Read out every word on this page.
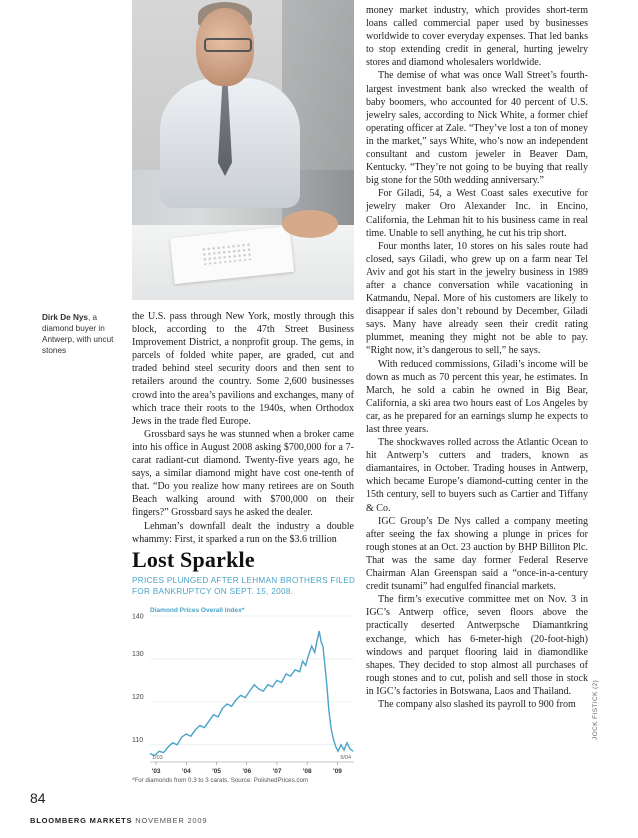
Dirk De Nys, a diamond buyer in Antwerp, with uncut stones

the U.S. pass through New York, mostly through this block, according to the 47th Street Business Improvement District, a nonprofit group. The gems, in parcels of folded white paper, are graded, cut and traded behind steel security doors and then sent to retailers around the country. Some 2,600 businesses crowd into the area’s pavilions and exchanges, many of which trace their roots to the 1940s, when Orthodox Jews in the trade fled Europe.

Grossbard says he was stunned when a broker came into his office in August 2008 asking $700,000 for a 7-carat radiant-cut diamond. Twenty-five years ago, he says, a similar diamond might have cost one-tenth of that. “Do you realize how many retirees are on South Beach walking around with $700,000 on their fingers?” Grossbard says he asked the dealer.

Lehman’s downfall dealt the industry a double whammy: First, it sparked a run on the $3.6 trillion

Lost Sparkle
PRICES PLUNGED AFTER LEHMAN BROTHERS FILED FOR BANKRUPTCY ON SEPT. 15, 2008.
Diamond Prices Overall Index*
110
120
130
140
’03	’04	’05	’06	’07	’08	’09
1/03	9/04
*For diamonds from 0.3 to 3 carats. Source: PolishedPrices.com

money market industry, which provides short-term loans called commercial paper used by businesses worldwide to cover everyday expenses. That led banks to stop extending credit in general, hurting jewelry stores and diamond wholesalers worldwide.

The demise of what was once Wall Street’s fourth-largest investment bank also wrecked the wealth of baby boomers, who accounted for 40 percent of U.S. jewelry sales, according to Nick White, a former chief operating officer at Zale. “They’ve lost a ton of money in the market,” says White, who’s now an independent consultant and custom jeweler in Beaver Dam, Kentucky. “They’re not going to be buying that really big stone for the 50th wedding anniversary.”

For Giladi, 54, a West Coast sales executive for jewelry maker Oro Alexander Inc. in Encino, California, the Lehman hit to his business came in real time. Unable to sell anything, he cut his trip short.

Four months later, 10 stores on his sales route had closed, says Giladi, who grew up on a farm near Tel Aviv and got his start in the jewelry business in 1989 after a chance conversation while vacationing in Katmandu, Nepal. More of his customers are likely to disappear if sales don’t rebound by December, Giladi says. Many have already seen their credit rating plummet, meaning they might not be able to pay. “Right now, it’s dangerous to sell,” he says.

With reduced commissions, Giladi’s income will be down as much as 70 percent this year, he estimates. In March, he sold a cabin he owned in Big Bear, California, a ski area two hours east of Los Angeles by car, as he prepared for an earnings slump he expects to last three years.

The shockwaves rolled across the Atlantic Ocean to hit Antwerp’s cutters and traders, known as diamantaires, in October. Trading houses in Antwerp, which became Europe’s diamond-cutting center in the 15th century, sell to buyers such as Cartier and Tiffany & Co.

IGC Group’s De Nys called a company meeting after seeing the fax showing a plunge in prices for rough stones at an Oct. 23 auction by BHP Billiton Plc. That was the same day former Federal Reserve Chairman Alan Greenspan said a “once-in-a-century credit tsunami” had engulfed financial markets.

The firm’s executive committee met on Nov. 3 in IGC’s Antwerp office, seven floors above the practically deserted Antwerpsche Diamantkring exchange, which has 6-meter-high (20-foot-high) windows and parquet flooring laid in diamondlike shapes. They decided to stop almost all purchases of rough stones and to cut, polish and sell those in stock in IGC’s factories in Botswana, Laos and Thailand.

The company also slashed its payroll to 900 from	JOCK FISTICK (2)
84
BLOOMBERG MARKETS NOVEMBER 2009
